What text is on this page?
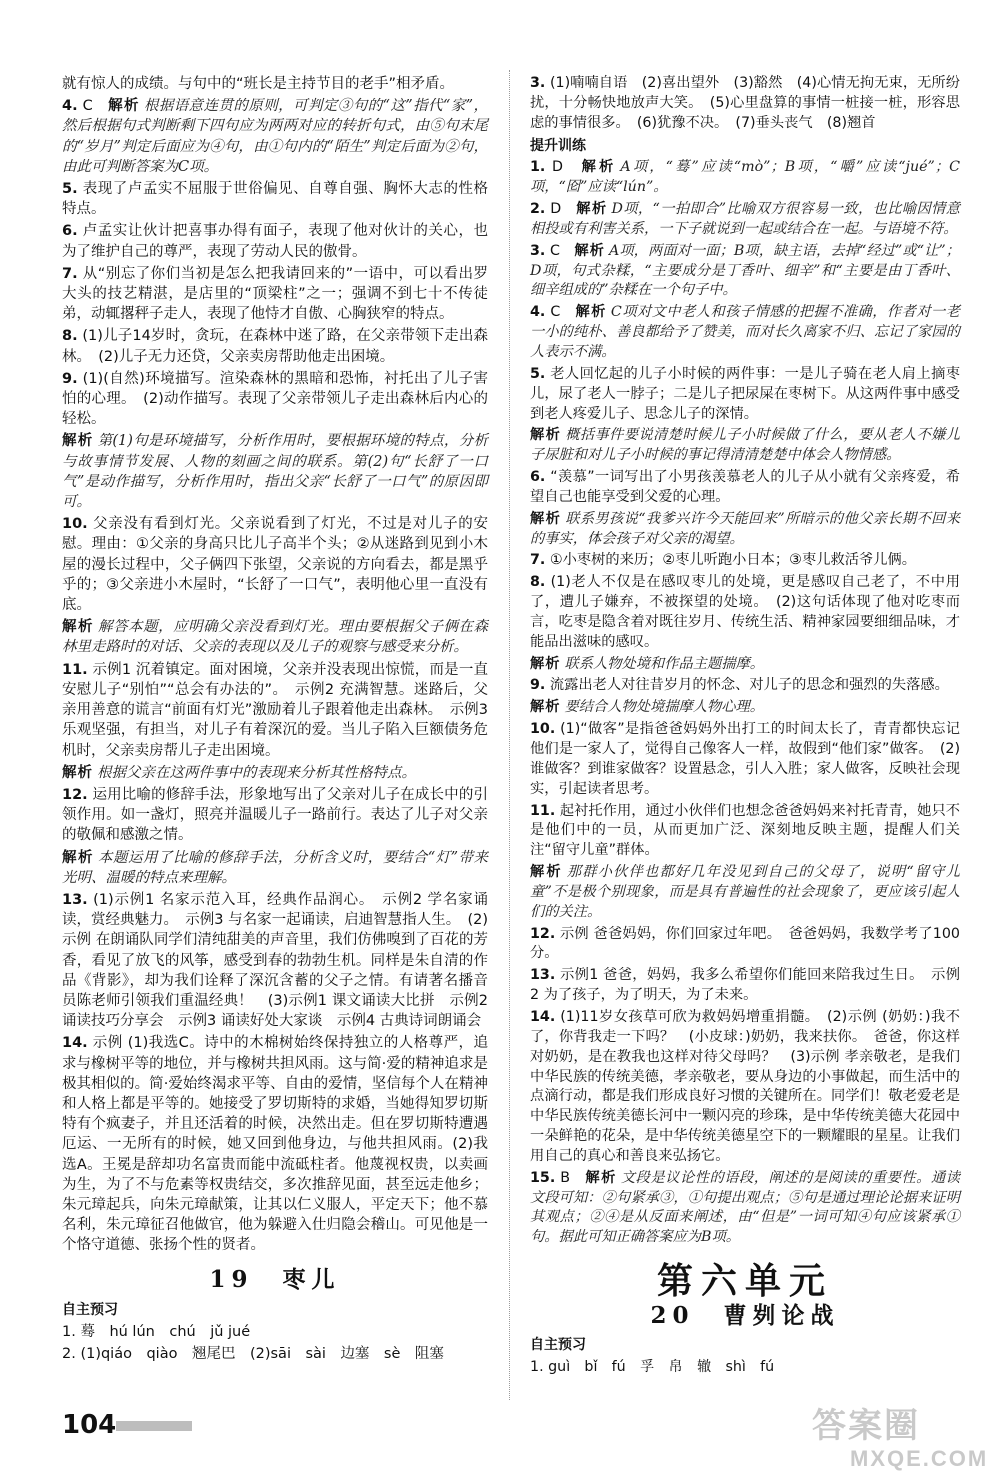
就有惊人的成绩。与句中的“班长是主持节目的老手”相矛盾。　
4. C　 解析 根据语意连贯的原则，可判定③句的“这”指代“家”，然后根据句式判断剩下四句应为两两对应的转折句式，由⑤句末尾的“岁月”判定后面应为④句，由①句内的“陌生”判定后面为②句，由此可判断答案为C项。
5. 表现了卢孟实不屈服于世俗偏见、自尊自强、胸怀大志的性格特点。　
6. 卢孟实让伙计把喜事办得有面子，表现了他对伙计的关心，也为了维护自己的尊严，表现了劳动人民的傲骨。　
7. 从“别忘了你们当初是怎么把我请回来的”一语中，可以看出罗大头的技艺精湛，是店里的“顶梁柱”之一；强调不到七十不传徒弟，动辄撂秤子走人，表现了他恃才自傲、心胸狭窄的特点。　
8. (1)儿子14岁时，贪玩，在森林中迷了路，在父亲带领下走出森林。　(2)儿子无力还贷，父亲卖房帮助他走出困境。　
9. (1)(自然)环境描写。渲染森林的黑暗和恐怖，衬托出了儿子害怕的心理。　(2)动作描写。表现了父亲带领儿子走出森林后内心的轻松。　
解析 第(1)句是环境描写，分析作用时，要根据环境的特点，分析与故事情节发展、人物的刻画之间的联系。第(2)句“长舒了一口气”是动作描写，分析作用时，指出父亲“长舒了一口气”的原因即可。
10. 父亲没有看到灯光。父亲说看到了灯光，不过是对儿子的安慰。理由：①父亲的身高只比儿子高半个头；②从迷路到见到小木屋的漫长过程中，父子俩四下张望，父亲说的方向看去，都是黑乎乎的；③父亲进小木屋时，“长舒了一口气”，表明他心里一直没有底。　
解析 解答本题，应明确父亲没看到灯光。理由要根据父子俩在森林里走路时的对话、父亲的表现以及儿子的观察与感受来分析。
11. 示例1 沉着镇定。面对困境，父亲并没表现出惊慌，而是一直安慰儿子“别怕”“总会有办法的”。　示例2 充满智慧。迷路后，父亲用善意的谎言“前面有灯光”激励着儿子跟着他走出森林。　示例3 乐观坚强，有担当，对儿子有着深沉的爱。当儿子陷入巨额债务危机时，父亲卖房帮儿子走出困境。　
解析 根据父亲在这两件事中的表现来分析其性格特点。
12. 运用比喻的修辞手法，形象地写出了父亲对儿子在成长中的引领作用。如一盏灯，照亮并温暖儿子一路前行。表达了儿子对父亲的敬佩和感激之情。　
解析 本题运用了比喻的修辞手法，分析含义时，要结合“灯”带来光明、温暖的特点来理解。
13. (1)示例1 名家示范入耳，经典作品润心。　示例2 学名家诵读，赏经典魅力。　示例3 与名家一起诵读，启迪智慧指人生。　(2)示例 在朗诵队同学们清纯甜美的声音里，我们仿佛嗅到了百花的芳香，看见了放飞的风筝，感受到春的勃勃生机。同样是朱自清的作品《背影》，却为我们诠释了深沉含蓄的父子之情。有请著名播音员陈老师引领我们重温经典！　(3)示例1 课文诵读大比拼　示例2 诵读技巧分享会　示例3 诵读好处大家谈　示例4 古典诗词朗诵会　
14. 示例 (1)我选C。诗中的木棉树始终保持独立的人格尊严，追求与橡树平等的地位，并与橡树共担风雨。这与简·爱的精神追求是极其相似的。简·爱始终渴求平等、自由的爱情，坚信每个人在精神和人格上都是平等的。她接受了罗切斯特的求婚，当她得知罗切斯特有个疯妻子，并且还活着的时候，决然出走。但在罗切斯特遭遇厄运、一无所有的时候，她又回到他身边，与他共担风雨。(2)我选A。王冕是辞却功名富贵而能中流砥柱者。他蔑视权贵，以卖画为生，为了不与危素等权贵结交，多次推辞见面，甚至远走他乡；朱元璋起兵，向朱元璋献策，让其以仁义服人，平定天下；他不慕名利，朱元璋征召他做官，他为躲避入仕归隐会稽山。可见他是一个恪守道德、张扬个性的贤者。　
19　枣儿
自主预习
1. 蓦　hú lún　chú　jǔ jué
2. (1)qiáo　qiào　翘尾巴　(2)sāi　sài　边塞　sè　阻塞
3. (1)喃喃自语　(2)喜出望外　(3)豁然　(4)心情无拘无束，无所纷扰，十分畅快地放声大笑。　(5)心里盘算的事情一桩接一桩，形容思虑的事情很多。　(6)犹豫不决。　(7)垂头丧气　(8)翘首　
提升训练
1. D　 解析 A项，“蓦”应读“mò”；B项，“嚼”应读“jué”；C项，“囵”应读“lún”。
2. D　 解析 D项，“一拍即合”比喻双方很容易一致，也比喻因情意相投或有利害关系，一下子就说到一起或结合在一起。与语境不符。
3. C　 解析 A项，两面对一面；B项，缺主语，去掉“经过”或“让”；D项，句式杂糅，“主要成分是丁香叶、细辛”和“主要是由丁香叶、细辛组成的”杂糅在一个句子中。
4. C　 解析 C项对文中老人和孩子情感的把握不准确，作者对一老一小的纯朴、善良都给予了赞美，而对长久离家不归、忘记了家园的人表示不满。
5. 老人回忆起的儿子小时候的两件事：一是儿子骑在老人肩上摘枣儿，尿了老人一脖子；二是儿子把尿屎在枣树下。从这两件事中感受到老人疼爱儿子、思念儿子的深情。　
解析 概括事件要说清楚时候儿子小时候做了什么，要从老人不嫌儿子尿脏和对儿子小时候的事记得清清楚楚中体会人物情感。
6. “羡慕”一词写出了小男孩羡慕老人的儿子从小就有父亲疼爱，希望自己也能享受到父爱的心理。　
解析 联系男孩说“我爹兴许今天能回来”所暗示的他父亲长期不回来的事实，体会孩子对父亲的渴望。
7. ①小枣树的来历；②枣儿听跑小日本；③枣儿救活爷儿俩。　
8. (1)老人不仅是在感叹枣儿的处境，更是感叹自己老了，不中用了，遭儿子嫌弃，不被探望的处境。　(2)这句话体现了他对吃枣而言，吃枣是隐含着对既往岁月、传统生活、精神家园要细细品味，才能品出滋味的感叹。　
解析 联系人物处境和作品主题揣摩。
9. 流露出老人对往昔岁月的怀念、对儿子的思念和强烈的失落感。　
解析 要结合人物处境揣摩人物心理。
10. (1)“做客”是指爸爸妈妈外出打工的时间太长了，青青都快忘记他们是一家人了，觉得自己像客人一样，故假到“他们家”做客。　(2)谁做客？到谁家做客？设置悬念，引人入胜；家人做客，反映社会现实，引起读者思考。　
11. 起衬托作用，通过小伙伴们也想念爸爸妈妈来衬托青青，她只不是他们中的一员，从而更加广泛、深刻地反映主题，提醒人们关注“留守儿童”群体。　
解析 那群小伙伴也都好几年没见到自己的父母了，说明“留守儿童”不是极个别现象，而是具有普遍性的社会现象了，更应该引起人们的关注。
12. 示例 爸爸妈妈，你们回家过年吧。　爸爸妈妈，我数学考了100分。　
13. 示例1 爸爸，妈妈，我多么希望你们能回来陪我过生日。　示例2 为了孩子，为了明天，为了未来。　
14. (1)11岁女孩草可欣为救妈妈增重捐髓。　(2)示例 (奶奶：)我不了，你背我走一下吗？　(小皮球：)奶奶，我来扶你。　爸爸，你这样对奶奶，是在教我也这样对待父母吗？　(3)示例 孝亲敬老，是我们中华民族的传统美德，孝亲敬老，要从身边的小事做起，而生活中的点滴行动，都是我们形成良好习惯的关键所在。同学们！敬老爱老是中华民族传统美德长河中一颗闪亮的珍珠，是中华传统美德大花园中一朵鲜艳的花朵，是中华传统美德星空下的一颗耀眼的星星。让我们用自己的真心和善良来弘扬它。　
15. B　 解析 文段是议论性的语段，阐述的是阅读的重要性。通读文段可知：②句紧承③，①句提出观点；⑤句是通过理论论据来证明其观点；②④是从反面来阐述，由“但是”一词可知④句应该紧承①句。据此可知正确答案应为B项。
第六单元
20　曹刿论战
自主预习
1. guì　bǐ　fú　孚　帛　辙　shì　fú
104	答案圈
MXQE.COM
